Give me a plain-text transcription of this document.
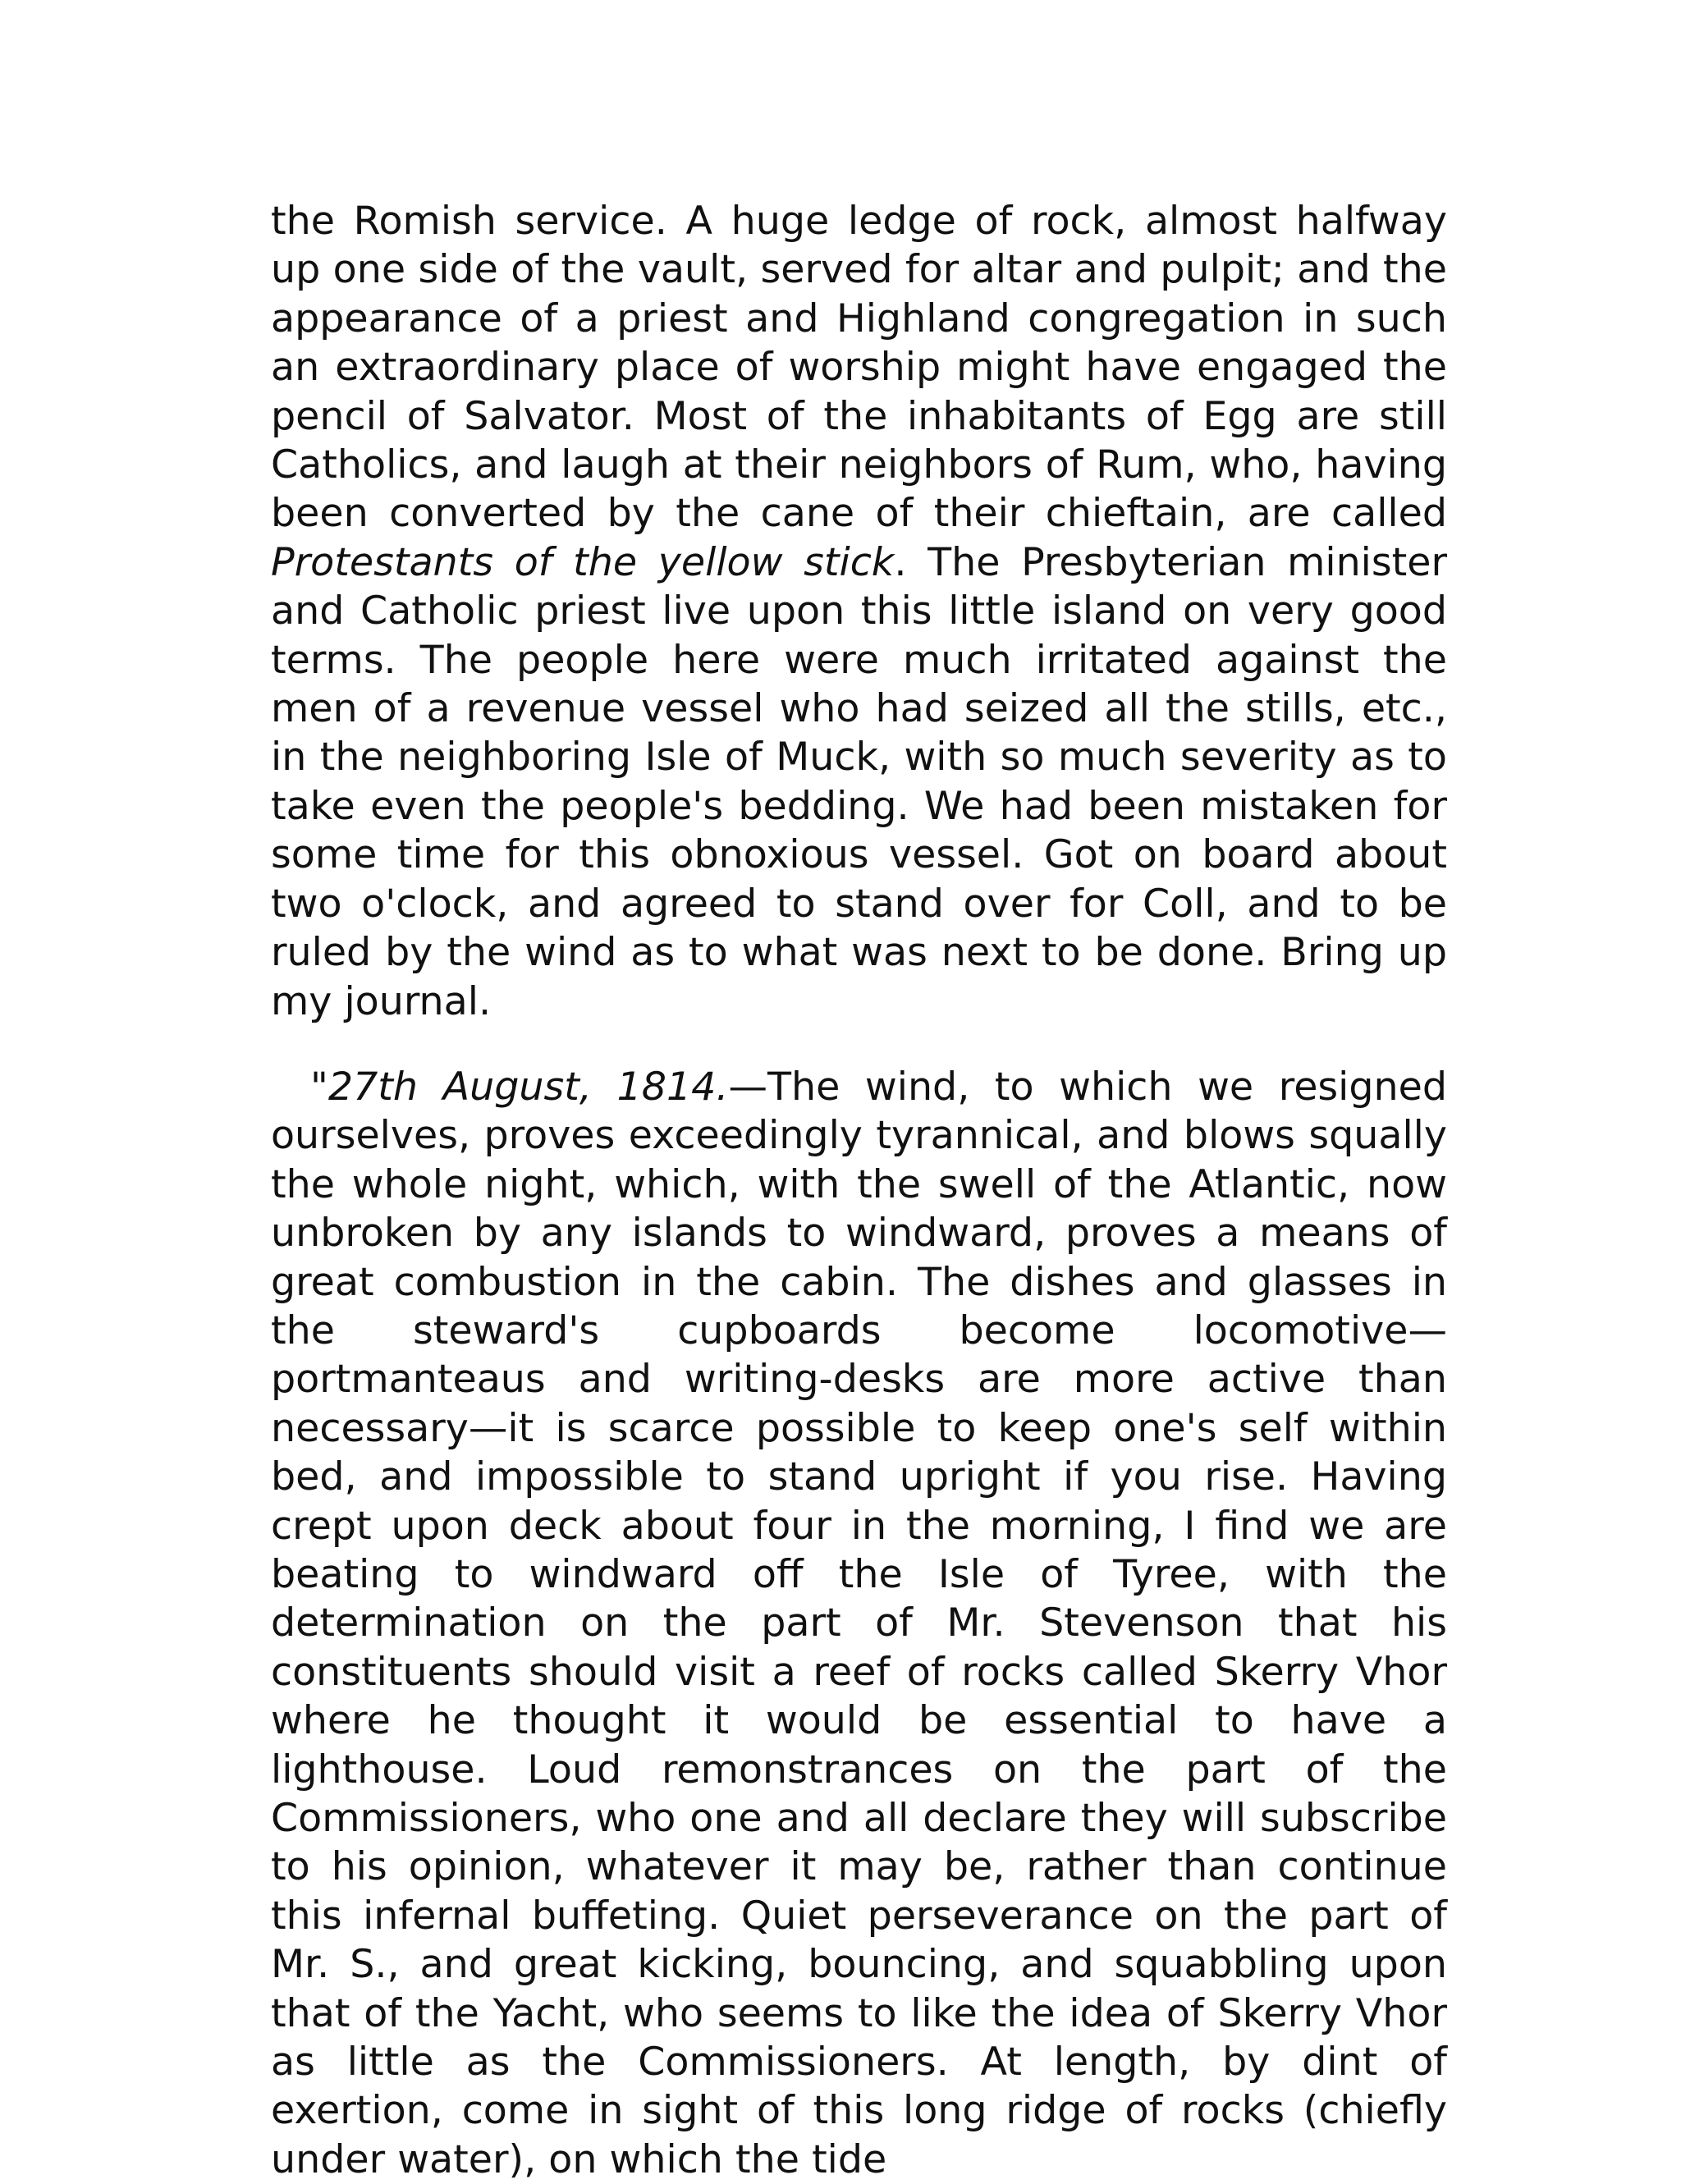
the Romish service. A huge ledge of rock, almost halfway up one side of the vault, served for altar and pulpit; and the appearance of a priest and Highland congregation in such an extraordinary place of worship might have engaged the pencil of Salvator. Most of the inhabitants of Egg are still Catholics, and laugh at their neighbors of Rum, who, having been converted by the cane of their chieftain, are called Protestants of the yellow stick. The Presbyterian minister and Catholic priest live upon this little island on very good terms. The people here were much irritated against the men of a revenue vessel who had seized all the stills, etc., in the neighboring Isle of Muck, with so much severity as to take even the people's bedding. We had been mistaken for some time for this obnoxious vessel. Got on board about two o'clock, and agreed to stand over for Coll, and to be ruled by the wind as to what was next to be done. Bring up my journal.

"27th August, 1814.—The wind, to which we resigned ourselves, proves exceedingly tyrannical, and blows squally the whole night, which, with the swell of the Atlantic, now unbroken by any islands to windward, proves a means of great combustion in the cabin. The dishes and glasses in the steward's cupboards become locomotive—portmanteaus and writing-desks are more active than necessary—it is scarce possible to keep one's self within bed, and impossible to stand upright if you rise. Having crept upon deck about four in the morning, I find we are beating to windward off the Isle of Tyree, with the determination on the part of Mr. Stevenson that his constituents should visit a reef of rocks called Skerry Vhor where he thought it would be essential to have a lighthouse. Loud remonstrances on the part of the Commissioners, who one and all declare they will subscribe to his opinion, whatever it may be, rather than continue this infernal buffeting. Quiet perseverance on the part of Mr. S., and great kicking, bouncing, and squabbling upon that of the Yacht, who seems to like the idea of Skerry Vhor as little as the Commissioners. At length, by dint of exertion, come in sight of this long ridge of rocks (chiefly under water), on which the tide
